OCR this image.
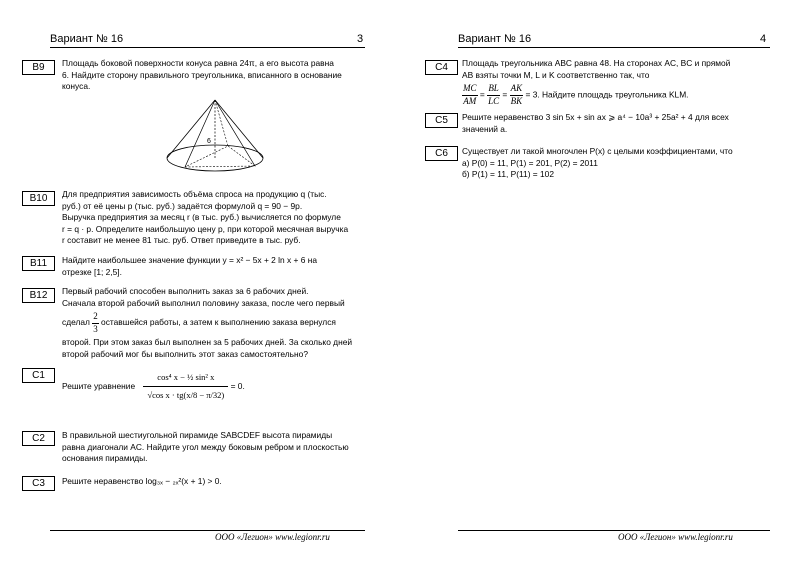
Вариант № 16	3
B9	Площадь боковой поверхности конуса равна 24π, а его высота равна
6. Найдите сторону правильного треугольника, вписанного в основание
конуса.
6
B10	Для предприятия зависимость объёма спроса на продукцию q (тыс.
руб.) от её цены p (тыс. руб.) задаётся формулой q = 90 − 9p.
Выручка предприятия за месяц r (в тыс. руб.) вычисляется по формуле
r = q · p. Определите наибольшую цену p, при которой месячная выручка
r составит не менее 81 тыс. руб. Ответ приведите в тыс. руб.
B11	Найдите наибольшее значение функции y = x² − 5x + 2 ln x + 6 на
отрезке [1; 2,5].
B12	Первый рабочий способен выполнить заказ за 6 рабочих дней.
Сначала второй рабочий выполнил половину заказа, после чего первый
сделал $\frac{2}{3}$ оставшейся работы, а затем к выполнению заказа вернулся
второй. При этом заказ был выполнен за 5 рабочих дней. За сколько дней
второй рабочий мог бы выполнить этот заказ самостоятельно?
C1
Решите уравнение $\frac{\text{cos⁴ x − ½ sin² x}}{\text{√cos x · tg(x/8 − π/32)}} = 0$.
C2	В правильной шестиугольной пирамиде SABCDEF высота пирамиды
равна диагонали AC. Найдите угол между боковым ребром и плоскостью
основания пирамиды.
C3	Решите неравенство log₃ₓ − ₂ₓ²(x + 1) > 0.
ООО «Легион» www.legionr.ru
Вариант № 16	4
C4	Площадь треугольника ABC равна 48. На сторонах AC, BC и прямой
AB взяты точки M, L и K соответственно так, что
$\frac{MC}{AM} = \frac{BL}{LC} = \frac{AK}{BK} = 3$. Найдите площадь треугольника KLM.
C5	Решите неравенство 3 sin 5x + sin ax ⩾ a⁴ − 10a³ + 25a² + 4 для всех
значений a.
C6	Существует ли такой многочлен P(x) с целыми коэффициентами, что
а) P(0) = 11, P(1) = 201, P(2) = 2011
б) P(1) = 11, P(11) = 102
ООО «Легион» www.legionr.ru
